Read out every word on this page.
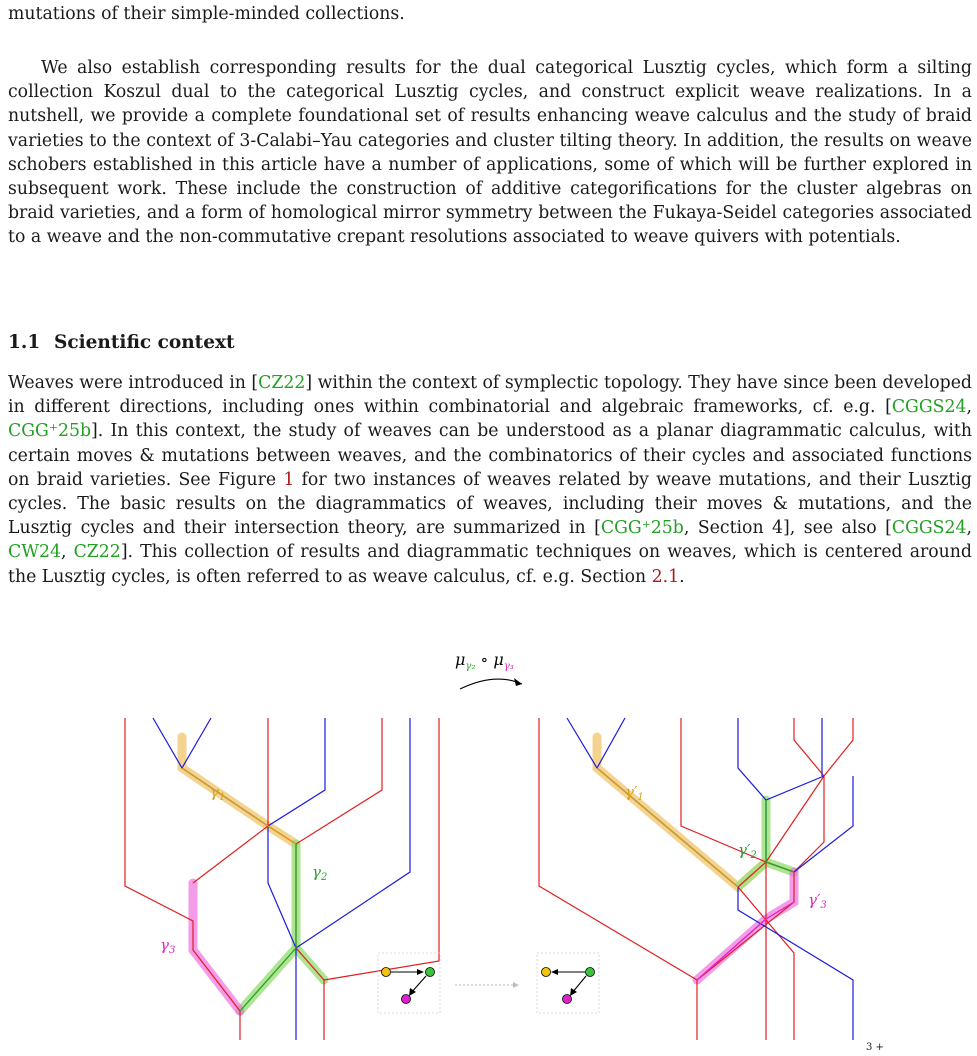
mutations of their simple-minded collections.

We also establish corresponding results for the dual categorical Lusztig cycles, which form a silting collection Koszul dual to the categorical Lusztig cycles, and construct explicit weave realizations. In a nutshell, we provide a complete foundational set of results enhancing weave calculus and the study of braid varieties to the context of 3-Calabi–Yau categories and cluster tilting theory. In addition, the results on weave schobers established in this article have a number of applications, some of which will be further explored in subsequent work. These include the construction of additive categorifications for the cluster algebras on braid varieties, and a form of homological mirror symmetry between the Fukaya-Seidel categories associated to a weave and the non-commutative crepant resolutions associated to weave quivers with potentials.

1.1 Scientific context

Weaves were introduced in [CZ22] within the context of symplectic topology. They have since been developed in different directions, including ones within combinatorial and algebraic frameworks, cf. e.g. [CGGS24, CGG⁺25b]. In this context, the study of weaves can be understood as a planar diagrammatic calculus, with certain moves & mutations between weaves, and the combinatorics of their cycles and associated functions on braid varieties. See Figure 1 for two instances of weaves related by weave mutations, and their Lusztig cycles. The basic results on the diagrammatics of weaves, including their moves & mutations, and the Lusztig cycles and their intersection theory, are summarized in [CGG⁺25b, Section 4], see also [CGGS24, CW24, CZ22]. This collection of results and diagrammatic techniques on weaves, which is centered around the Lusztig cycles, is often referred to as weave calculus, cf. e.g. Section 2.1.

$\mu_{\gamma_2}$ ∘ $\mu_{\gamma_3}$
$\gamma_1$
$\gamma_2$
$\gamma_3$
$\gamma'_1$
$\gamma'_2$
$\gamma'_3$
3 +
